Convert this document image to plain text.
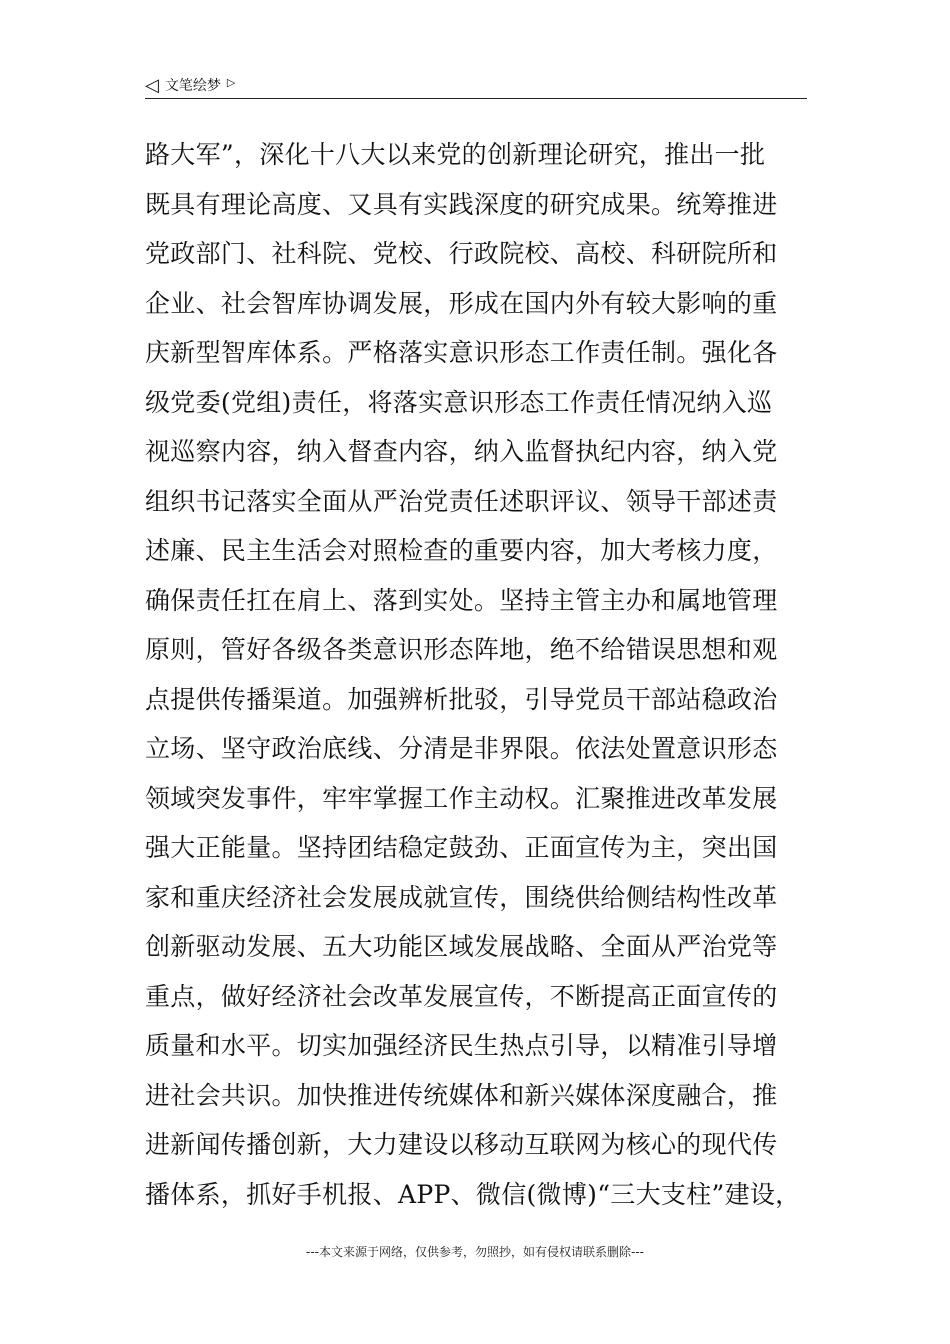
◁ 文笔绘梦 ▷
路大军”，深化十八大以来党的创新理论研究，推出一批
既具有理论高度、又具有实践深度的研究成果。统筹推进
党政部门、社科院、党校、行政院校、高校、科研院所和
企业、社会智库协调发展，形成在国内外有较大影响的重
庆新型智库体系。严格落实意识形态工作责任制。强化各
级党委(党组)责任，将落实意识形态工作责任情况纳入巡
视巡察内容，纳入督查内容，纳入监督执纪内容，纳入党
组织书记落实全面从严治党责任述职评议、领导干部述责
述廉、民主生活会对照检查的重要内容，加大考核力度，
确保责任扛在肩上、落到实处。坚持主管主办和属地管理
原则，管好各级各类意识形态阵地，绝不给错误思想和观
点提供传播渠道。加强辨析批驳，引导党员干部站稳政治
立场、坚守政治底线、分清是非界限。依法处置意识形态
领域突发事件，牢牢掌握工作主动权。汇聚推进改革发展
强大正能量。坚持团结稳定鼓劲、正面宣传为主，突出国
家和重庆经济社会发展成就宣传，围绕供给侧结构性改革
创新驱动发展、五大功能区域发展战略、全面从严治党等
重点，做好经济社会改革发展宣传，不断提高正面宣传的
质量和水平。切实加强经济民生热点引导，以精准引导增
进社会共识。加快推进传统媒体和新兴媒体深度融合，推
进新闻传播创新，大力建设以移动互联网为核心的现代传
播体系，抓好手机报、APP、微信(微博)“三大支柱”建设，
---本文来源于网络，仅供参考，勿照抄，如有侵权请联系删除---
